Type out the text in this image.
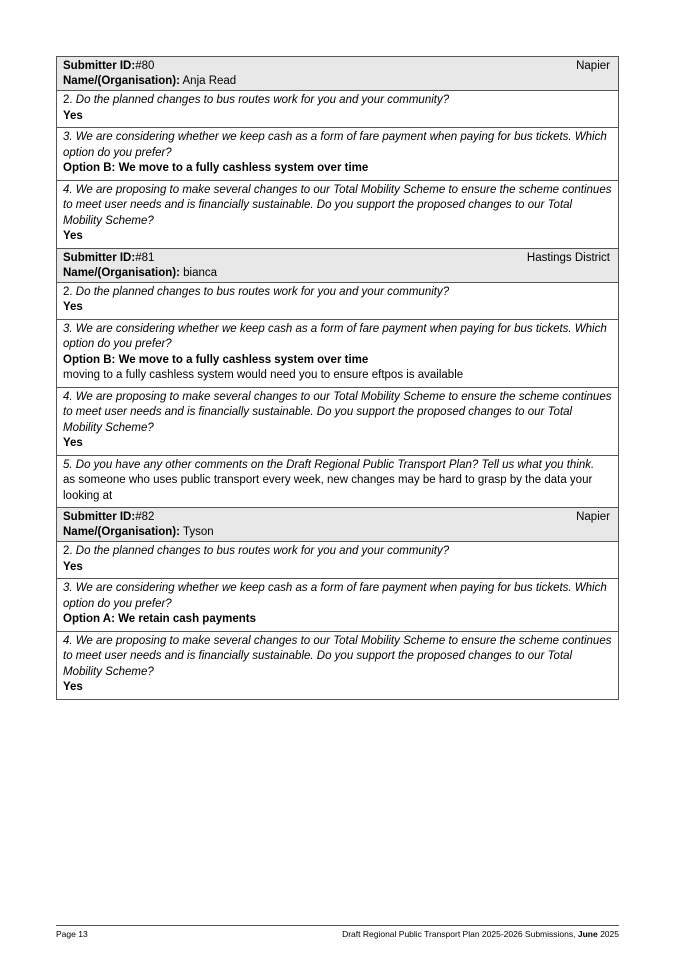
Submitter ID:#80
Name/(Organisation): Anja Read
Napier
2. Do the planned changes to bus routes work for you and your community?
Yes
3. We are considering whether we keep cash as a form of fare payment when paying for bus tickets. Which option do you prefer?
Option B: We move to a fully cashless system over time
4. We are proposing to make several changes to our Total Mobility Scheme to ensure the scheme continues to meet user needs and is financially sustainable. Do you support the proposed changes to our Total Mobility Scheme?
Yes
Submitter ID:#81
Name/(Organisation): bianca
Hastings District
2. Do the planned changes to bus routes work for you and your community?
Yes
3. We are considering whether we keep cash as a form of fare payment when paying for bus tickets. Which option do you prefer?
Option B: We move to a fully cashless system over time
moving to a fully cashless system would need you to ensure eftpos is available
4. We are proposing to make several changes to our Total Mobility Scheme to ensure the scheme continues to meet user needs and is financially sustainable. Do you support the proposed changes to our Total Mobility Scheme?
Yes
5. Do you have any other comments on the Draft Regional Public Transport Plan? Tell us what you think.
as someone who uses public transport every week, new changes may be hard to grasp by the data your looking at
Submitter ID:#82
Name/(Organisation): Tyson
Napier
2. Do the planned changes to bus routes work for you and your community?
Yes
3. We are considering whether we keep cash as a form of fare payment when paying for bus tickets. Which option do you prefer?
Option A: We retain cash payments
4. We are proposing to make several changes to our Total Mobility Scheme to ensure the scheme continues to meet user needs and is financially sustainable. Do you support the proposed changes to our Total Mobility Scheme?
Yes
Page 13	Draft Regional Public Transport Plan 2025-2026 Submissions, June 2025
